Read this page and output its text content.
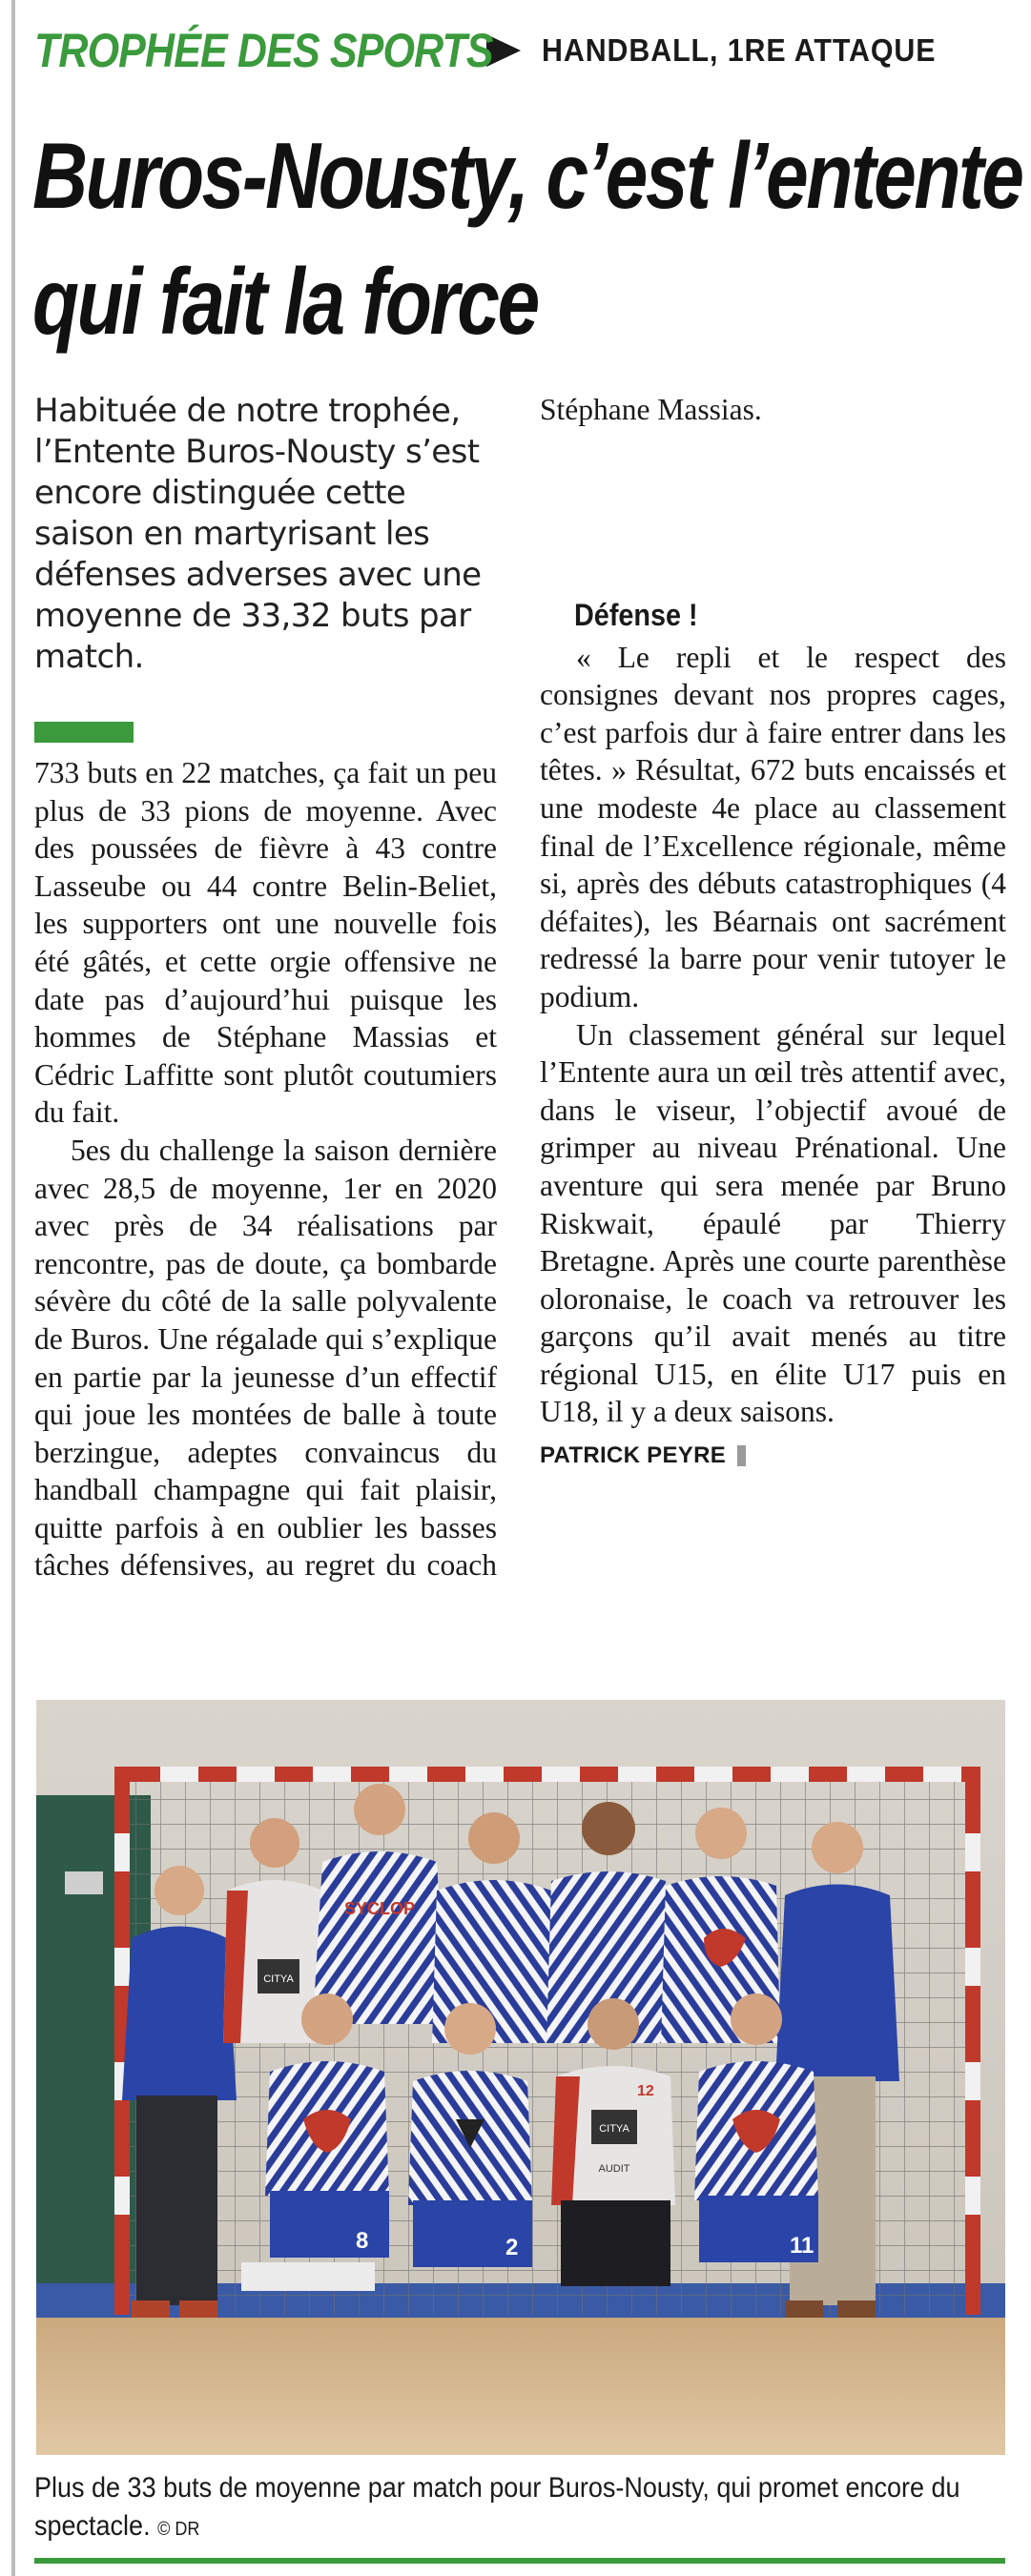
TROPHÉE DES SPORTS HANDBALL, 1RE ATTAQUE
Buros-Nousty, c’est l’entente
qui fait la force

Habituée de notre trophée, l’Entente Buros-Nousty s’est encore distinguée cette saison en martyrisant les défenses adverses avec une moyenne de 33,32 buts par match.

733 buts en 22 matches, ça fait un peu plus de 33 pions de moyenne. Avec des poussées de fièvre à 43 contre Lasseube ou 44 contre Belin-Beliet, les supporters ont une nouvelle fois été gâtés, et cette orgie offensive ne date pas d’aujourd’hui puisque les hommes de Stéphane Massias et Cédric Laffitte sont plutôt coutumiers du fait.

5es du challenge la saison dernière avec 28,5 de moyenne, 1er en 2020 avec près de 34 réalisations par rencontre, pas de doute, ça bombarde sévère du côté de la salle polyvalente de Buros. Une régalade qui s’explique en partie par la jeunesse d’un effectif qui joue les montées de balle à toute berzingue, adeptes convaincus du handball champagne qui fait plaisir, quitte parfois à en oublier les basses tâches défensives, au regret du coach

Stéphane Massias.

Défense !

« Le repli et le respect des consignes devant nos propres cages, c’est parfois dur à faire entrer dans les têtes. » Résultat, 672 buts encaissés et une modeste 4e place au classement final de l’Excellence régionale, même si, après des débuts catastrophiques (4 défaites), les Béarnais ont sacrément redressé la barre pour venir tutoyer le podium.

Un classement général sur lequel l’Entente aura un œil très attentif avec, dans le viseur, l’objectif avoué de grimper au niveau Prénational. Une aventure qui sera menée par Bruno Riskwait, épaulé par Thierry Bretagne. Après une courte parenthèse oloronaise, le coach va retrouver les garçons qu’il avait menés au titre régional U15, en élite U17 puis en U18, il y a deux saisons.

PATRICK PEYRE
CITYA
SYCLOP
8	2
12
CITYA
AUDIT
11
Plus de 33 buts de moyenne par match pour Buros-Nousty, qui promet encore du spectacle. © DR
